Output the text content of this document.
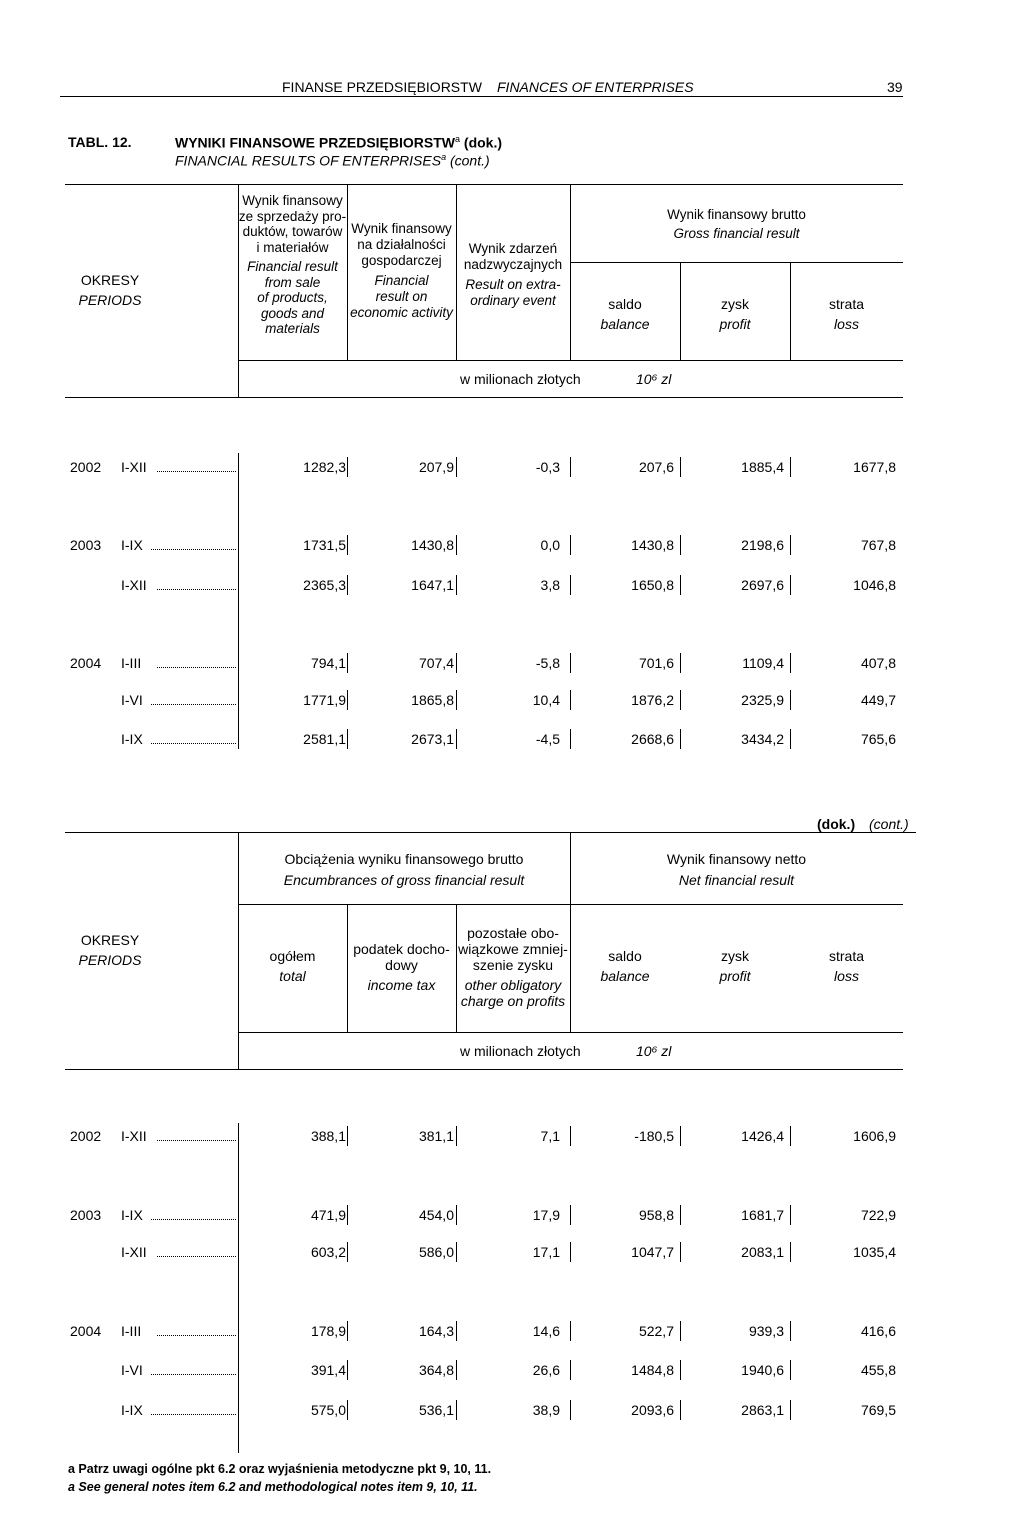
FINANSE PRZEDSIĘBIORSTW FINANCES OF ENTERPRISES	39
TABL. 12.	WYNIKI FINANSOWE PRZEDSIĘBIORSTW$^a$ (dok.)
FINANCIAL RESULTS OF ENTERPRISES$^a$ (cont.)
OKRESY
PERIODS
Wynik finansowy
ze sprzedaży pro-
duktów, towarów
i materiałów
Financial result
from sale
of products,
goods and
materials
Wynik finansowy
na działalności
gospodarczej
Financial
result on
economic activity
Wynik zdarzeń
nadzwyczajnych
Result on extra-
ordinary event
Wynik finansowy brutto
Gross financial result
saldo
balance
zysk
profit
strata
loss
w milionach złotych	10⁶ zl
2002 I-XII	1282,3	207,9	-0,3	207,6	1885,4	1677,8
2003 I-IX	1731,5	1430,8	0,0	1430,8	2198,6	767,8
I-XII	2365,3	1647,1	3,8	1650,8	2697,6	1046,8
2004 I-III	794,1	707,4	-5,8	701,6	1109,4	407,8
I-VI	1771,9	1865,8	10,4	1876,2	2325,9	449,7
I-IX	2581,1	2673,1	-4,5	2668,6	3434,2	765,6
(dok.) (cont.)
OKRESY
PERIODS
Obciążenia wyniku finansowego brutto
Encumbrances of gross financial result
Wynik finansowy netto
Net financial result
ogółem
total
podatek docho-
dowy
income tax
pozostałe obo-
wiązkowe zmniej-
szenie zysku
other obligatory
charge on profits
saldo
balance
zysk
profit
strata
loss
w milionach złotych	10⁶ zl
2002 I-XII	388,1	381,1	7,1	-180,5	1426,4	1606,9
2003 I-IX	471,9	454,0	17,9	958,8	1681,7	722,9
I-XII	603,2	586,0	17,1	1047,7	2083,1	1035,4
2004 I-III	178,9	164,3	14,6	522,7	939,3	416,6
I-VI	391,4	364,8	26,6	1484,8	1940,6	455,8
I-IX	575,0	536,1	38,9	2093,6	2863,1	769,5
a Patrz uwagi ogólne pkt 6.2 oraz wyjaśnienia metodyczne pkt 9, 10, 11.
a See general notes item 6.2 and methodological notes item 9, 10, 11.
